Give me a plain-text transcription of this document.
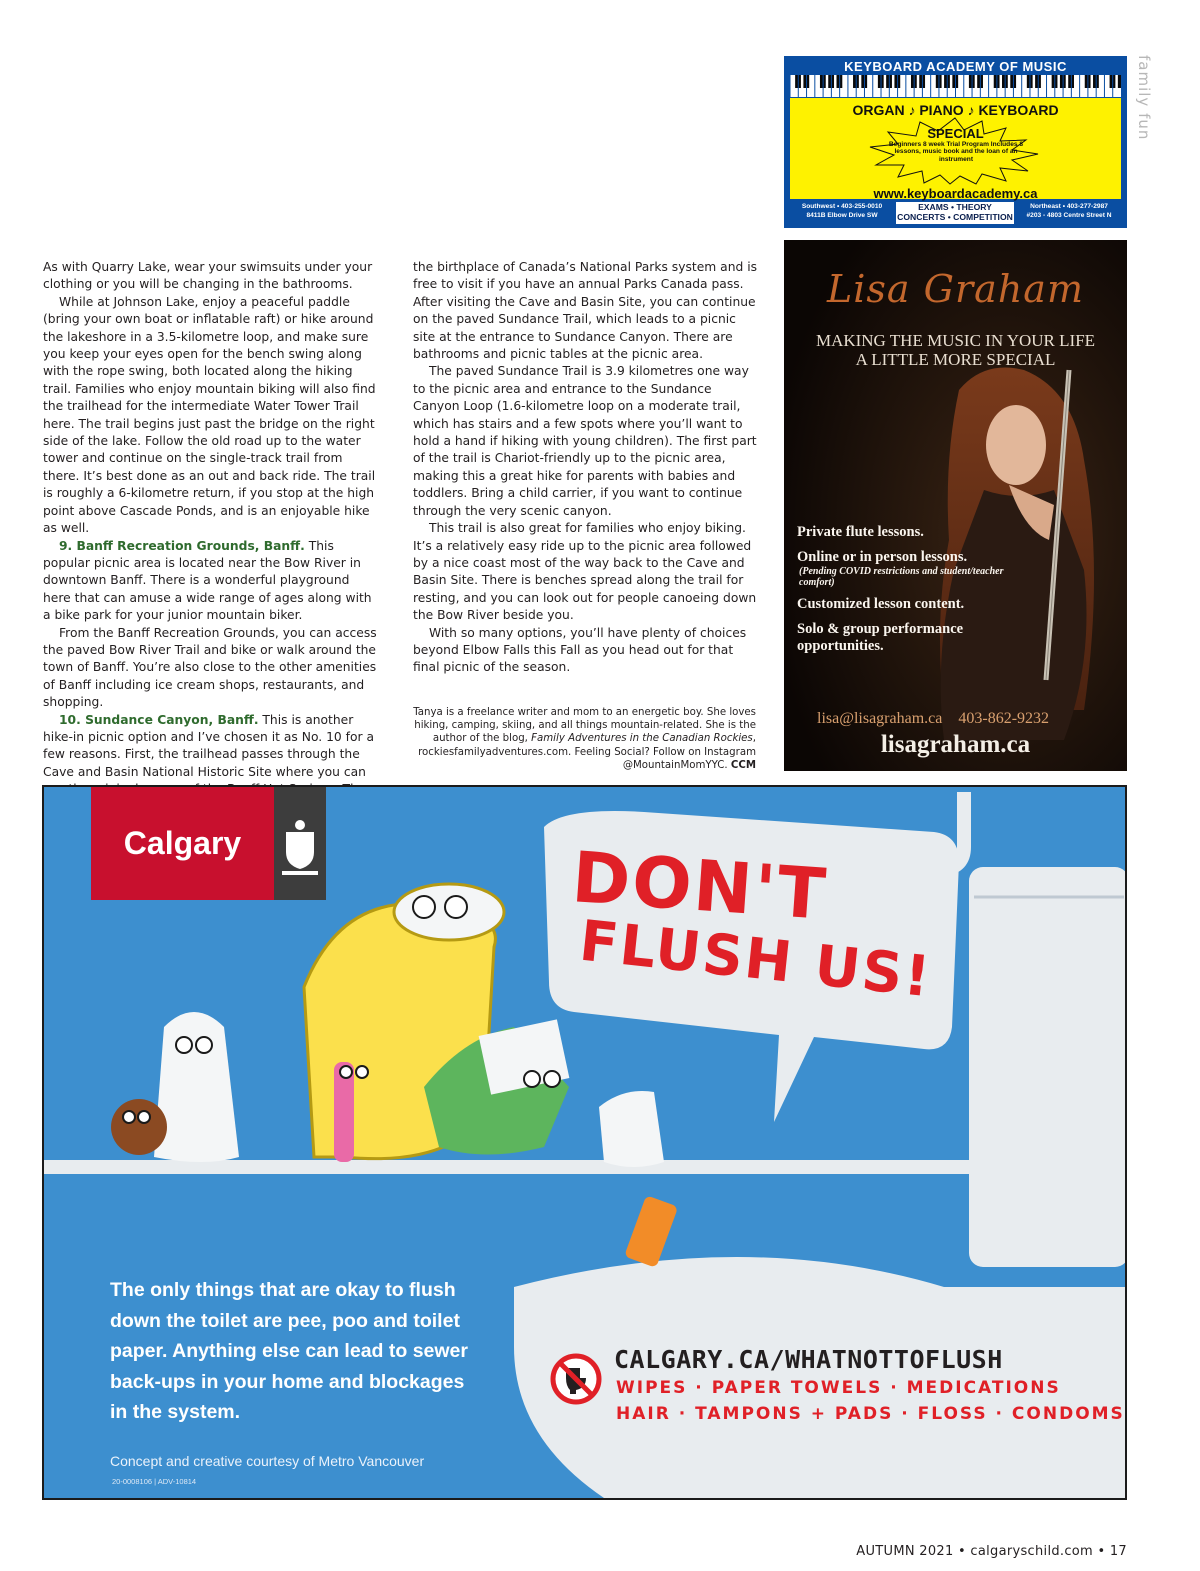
family fun
KEYBOARD ACADEMY OF MUSIC
ORGAN ♪ PIANO ♪ KEYBOARD
SPECIAL
Beginners 8 week Trial Program Includes 8 lessons, music book and the loan of an instrument
www.keyboardacademy.ca
Southwest • 403-255-0010
8411B Elbow Drive SW
EXAMS • THEORY
CONCERTS • COMPETITION
Northeast • 403-277-2987
#203 - 4803 Centre Street N

As with Quarry Lake, wear your swimsuits under your clothing or you will be changing in the bathrooms.

While at Johnson Lake, enjoy a peaceful paddle (bring your own boat or inflatable raft) or hike around the lakeshore in a 3.5-kilometre loop, and make sure you keep your eyes open for the bench swing along with the rope swing, both located along the hiking trail. Families who enjoy mountain biking will also find the trailhead for the intermediate Water Tower Trail here. The trail begins just past the bridge on the right side of the lake. Follow the old road up to the water tower and continue on the single-track trail from there. It’s best done as an out and back ride. The trail is roughly a 6-kilometre return, if you stop at the high point above Cascade Ponds, and is an enjoyable hike as well.

9. Banff Recreation Grounds, Banff. This popular picnic area is located near the Bow River in downtown Banff. There is a wonderful playground here that can amuse a wide range of ages along with a bike park for your junior mountain biker.

From the Banff Recreation Grounds, you can access the paved Bow River Trail and bike or walk around the town of Banff. You’re also close to the other amenities of Banff including ice cream shops, restaurants, and shopping.

10. Sundance Canyon, Banff. This is another hike-in picnic option and I’ve chosen it as No. 10 for a few reasons. First, the trailhead passes through the Cave and Basin National Historic Site where you can

the birthplace of Canada’s National Parks system and is free to visit if you have an annual Parks Canada pass. After visiting the Cave and Basin Site, you can continue on the paved Sundance Trail, which leads to a picnic site at the entrance to Sundance Canyon. There are bathrooms and picnic tables at the picnic area.

The paved Sundance Trail is 3.9 kilometres one way to the picnic area and entrance to the Sundance Canyon Loop (1.6-kilometre loop on a moderate trail, which has stairs and a few spots where you’ll want to hold a hand if hiking with young children). The first part of the trail is Chariot-friendly up to the picnic area, making this a great hike for parents with babies and toddlers. Bring a child carrier, if you want to continue through the very scenic canyon.

This trail is also great for families who enjoy biking. It’s a relatively easy ride up to the picnic area followed by a nice coast most of the way back to the Cave and Basin Site. There is benches spread along the trail for resting, and you can look out for people canoeing down the Bow River beside you.

With so many options, you’ll have plenty of choices beyond Elbow Falls this Fall as you head out for that final picnic of the season.

Tanya is a freelance writer and mom to an energetic boy. She loves hiking, camping, skiing, and all things mountain-related. She is the author of the blog, Family Adventures in the Canadian Rockies, rockiesfamilyadventures.com. Feeling Social? Follow on Instagram @MountainMomYYC. CCM
Lisa Graham
MAKING THE MUSIC IN YOUR LIFE
A LITTLE MORE SPECIAL
Private flute lessons.
Online or in person lessons.
(Pending COVID restrictions and student/teacher comfort)
Customized lesson content.
Solo & group performance opportunities.
lisa@lisagraham.ca 403-862-9232
lisagraham.ca
Calgary	DON'T
FLUSH US!
The only things that are okay to flush down the toilet are pee, poo and toilet paper. Anything else can lead to sewer back-ups in your home and blockages in the system.
Concept and creative courtesy of Metro Vancouver
20-0008106 | ADV-10814
CALGARY.CA/WHATNOTTOFLUSH
WIPES · PAPER TOWELS · MEDICATIONS
HAIR · TAMPONS + PADS · FLOSS · CONDOMS
AUTUMN 2021 • calgaryschild.com • 17
